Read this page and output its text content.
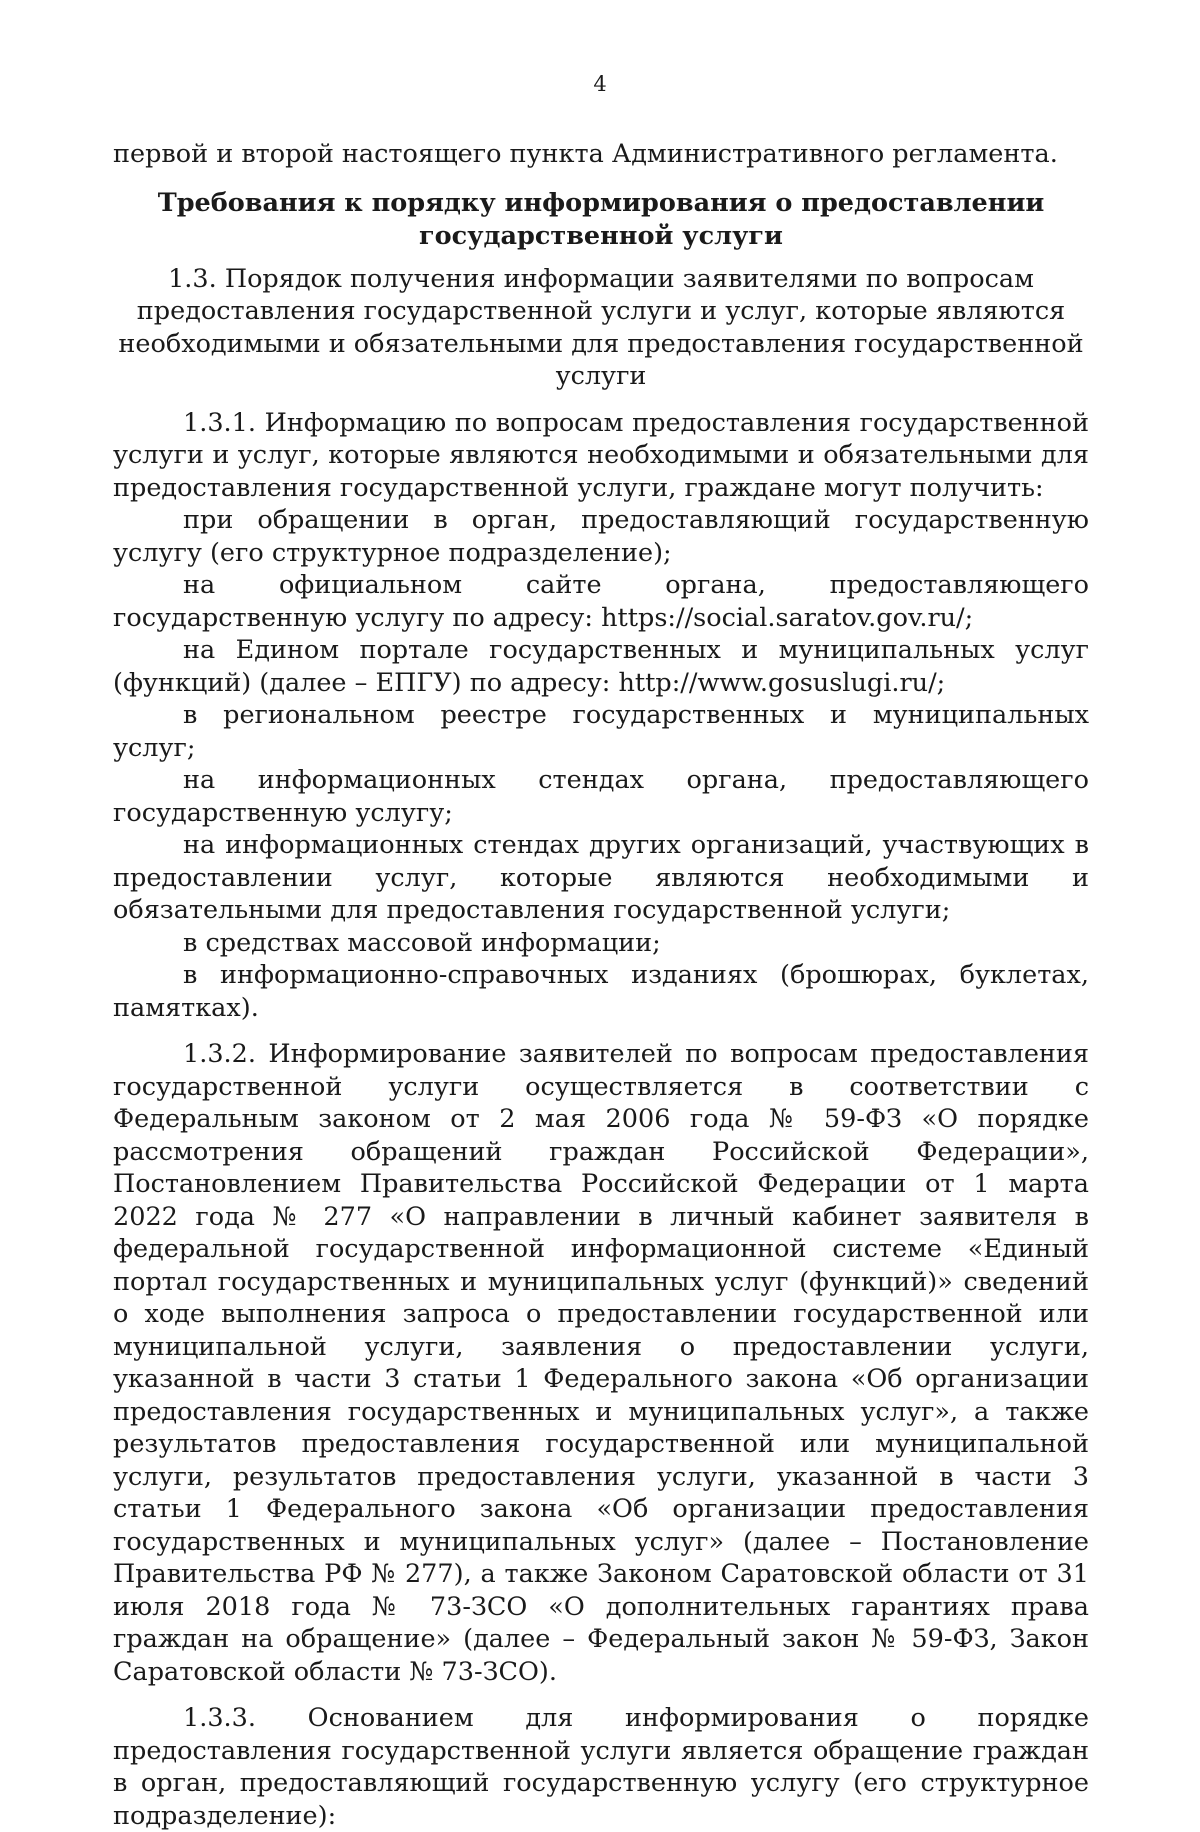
4

первой и второй настоящего пункта Административного регламента.

Требования к порядку информирования о предоставлении государственной услуги
1.3. Порядок получения информации заявителями по вопросам предоставления государственной услуги и услуг, которые являются необходимыми и обязательными для предоставления государственной услуги

1.3.1. Информацию по вопросам предоставления государственной услуги и услуг, которые являются необходимыми и обязательными для предоставления государственной услуги, граждане могут получить:

при обращении в орган, предоставляющий государственную услугу (его структурное подразделение);

на официальном сайте органа, предоставляющего государственную услугу по адресу: https://social.saratov.gov.ru/;

на Едином портале государственных и муниципальных услуг (функций) (далее – ЕПГУ) по адресу: http://www.gosuslugi.ru/;

в региональном реестре государственных и муниципальных услуг;

на информационных стендах органа, предоставляющего государственную услугу;

на информационных стендах других организаций, участвующих в предоставлении услуг, которые являются необходимыми и обязательными для предоставления государственной услуги;

в средствах массовой информации;

в информационно-справочных изданиях (брошюрах, буклетах, памятках).

1.3.2. Информирование заявителей по вопросам предоставления государственной услуги осуществляется в соответствии с Федеральным законом от 2 мая 2006 года № 59-ФЗ «О порядке рассмотрения обращений граждан Российской Федерации», Постановлением Правительства Российской Федерации от 1 марта 2022 года № 277 «О направлении в личный кабинет заявителя в федеральной государственной информационной системе «Единый портал государственных и муниципальных услуг (функций)» сведений о ходе выполнения запроса о предоставлении государственной или муниципальной услуги, заявления о предоставлении услуги, указанной в части 3 статьи 1 Федерального закона «Об организации предоставления государственных и муниципальных услуг», а также результатов предоставления государственной или муниципальной услуги, результатов предоставления услуги, указанной в части 3 статьи 1 Федерального закона «Об организации предоставления государственных и муниципальных услуг» (далее – Постановление Правительства РФ № 277), а также Законом Саратовской области от 31 июля 2018 года № 73-ЗСО «О дополнительных гарантиях права граждан на обращение» (далее – Федеральный закон № 59-ФЗ, Закон Саратовской области № 73-ЗСО).

1.3.3. Основанием для информирования о порядке предоставления государственной услуги является обращение граждан в орган, предоставляющий государственную услугу (его структурное подразделение):
